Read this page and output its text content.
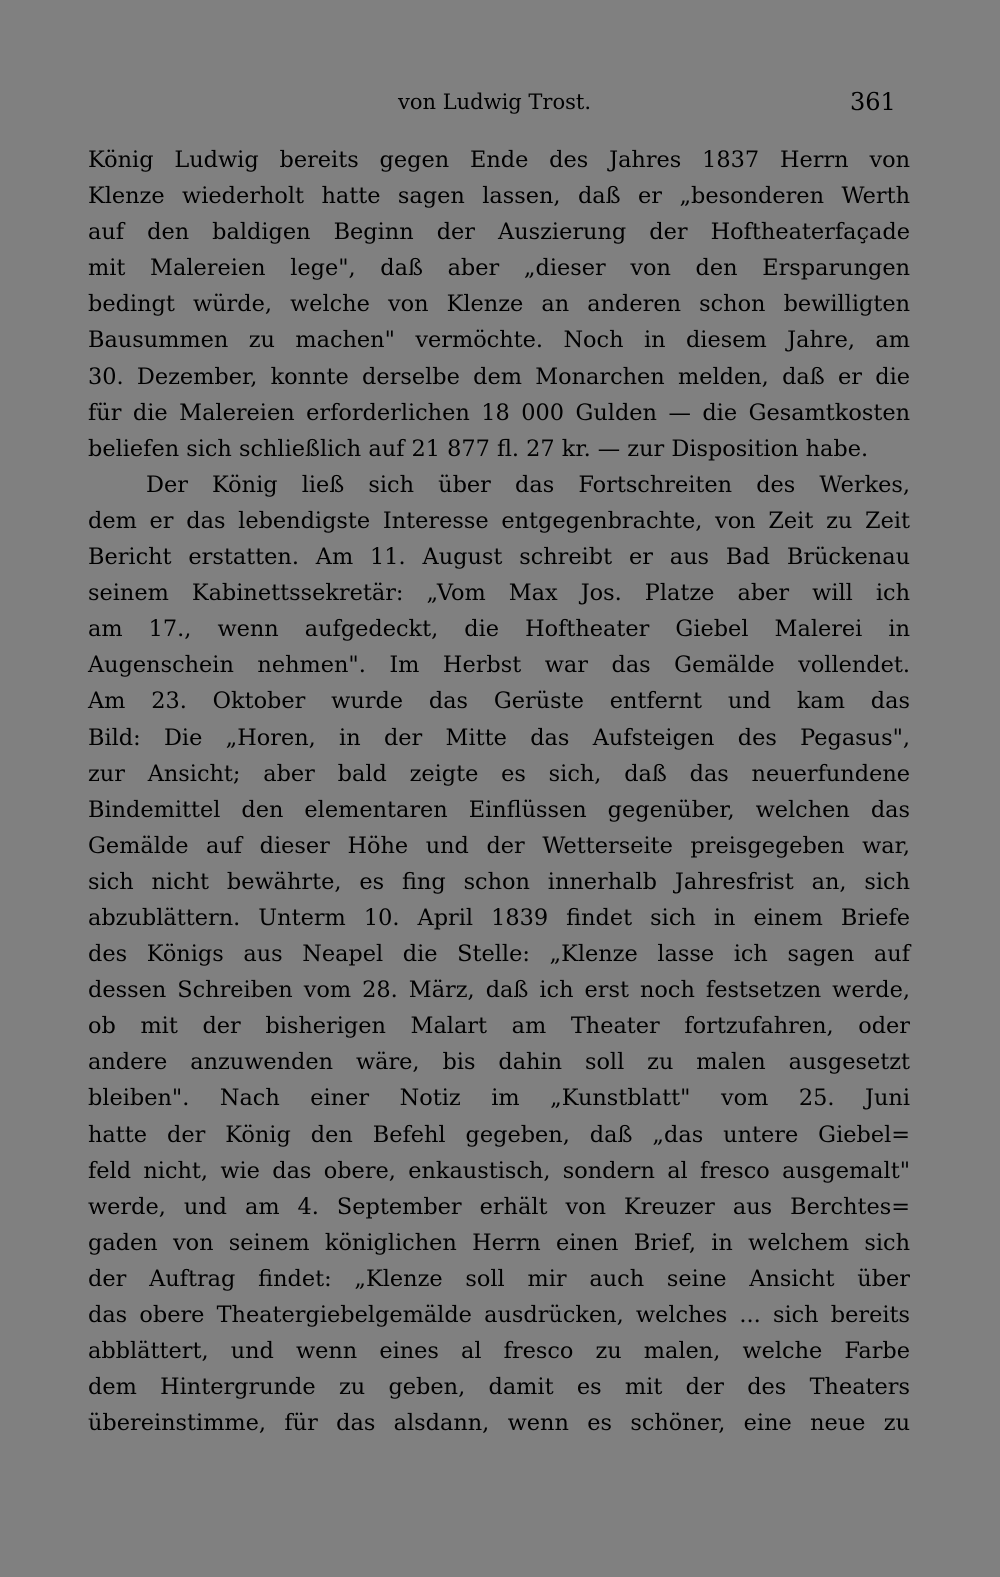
von Ludwig Trost.	361
König Ludwig bereits gegen Ende des Jahres 1837 Herrn von
Klenze wiederholt hatte sagen lassen, daß er „besonderen Werth
auf den baldigen Beginn der Auszierung der Hoftheaterfaçade
mit Malereien lege", daß aber „dieser von den Ersparungen
bedingt würde, welche von Klenze an anderen schon bewilligten
Bausummen zu machen" vermöchte. Noch in diesem Jahre, am
30. Dezember, konnte derselbe dem Monarchen melden, daß er die
für die Malereien erforderlichen 18 000 Gulden — die Gesamtkosten
beliefen sich schließlich auf 21 877 fl. 27 kr. — zur Disposition habe.
Der König ließ sich über das Fortschreiten des Werkes,
dem er das lebendigste Interesse entgegenbrachte, von Zeit zu Zeit
Bericht erstatten. Am 11. August schreibt er aus Bad Brückenau
seinem Kabinettssekretär: „Vom Max Jos. Platze aber will ich
am 17., wenn aufgedeckt, die Hoftheater Giebel Malerei in
Augenschein nehmen". Im Herbst war das Gemälde vollendet.
Am 23. Oktober wurde das Gerüste entfernt und kam das
Bild: Die „Horen, in der Mitte das Aufsteigen des Pegasus",
zur Ansicht; aber bald zeigte es sich, daß das neuerfundene
Bindemittel den elementaren Einflüssen gegenüber, welchen das
Gemälde auf dieser Höhe und der Wetterseite preisgegeben war,
sich nicht bewährte, es fing schon innerhalb Jahresfrist an, sich
abzublättern. Unterm 10. April 1839 findet sich in einem Briefe
des Königs aus Neapel die Stelle: „Klenze lasse ich sagen auf
dessen Schreiben vom 28. März, daß ich erst noch festsetzen werde,
ob mit der bisherigen Malart am Theater fortzufahren, oder
andere anzuwenden wäre, bis dahin soll zu malen ausgesetzt
bleiben". Nach einer Notiz im „Kunstblatt" vom 25. Juni
hatte der König den Befehl gegeben, daß „das untere Giebel=
feld nicht, wie das obere, enkaustisch, sondern al fresco ausgemalt"
werde, und am 4. September erhält von Kreuzer aus Berchtes=
gaden von seinem königlichen Herrn einen Brief, in welchem sich
der Auftrag findet: „Klenze soll mir auch seine Ansicht über
das obere Theatergiebelgemälde ausdrücken, welches ... sich bereits
abblättert, und wenn eines al fresco zu malen, welche Farbe
dem Hintergrunde zu geben, damit es mit der des Theaters
übereinstimme, für das alsdann, wenn es schöner, eine neue zu
